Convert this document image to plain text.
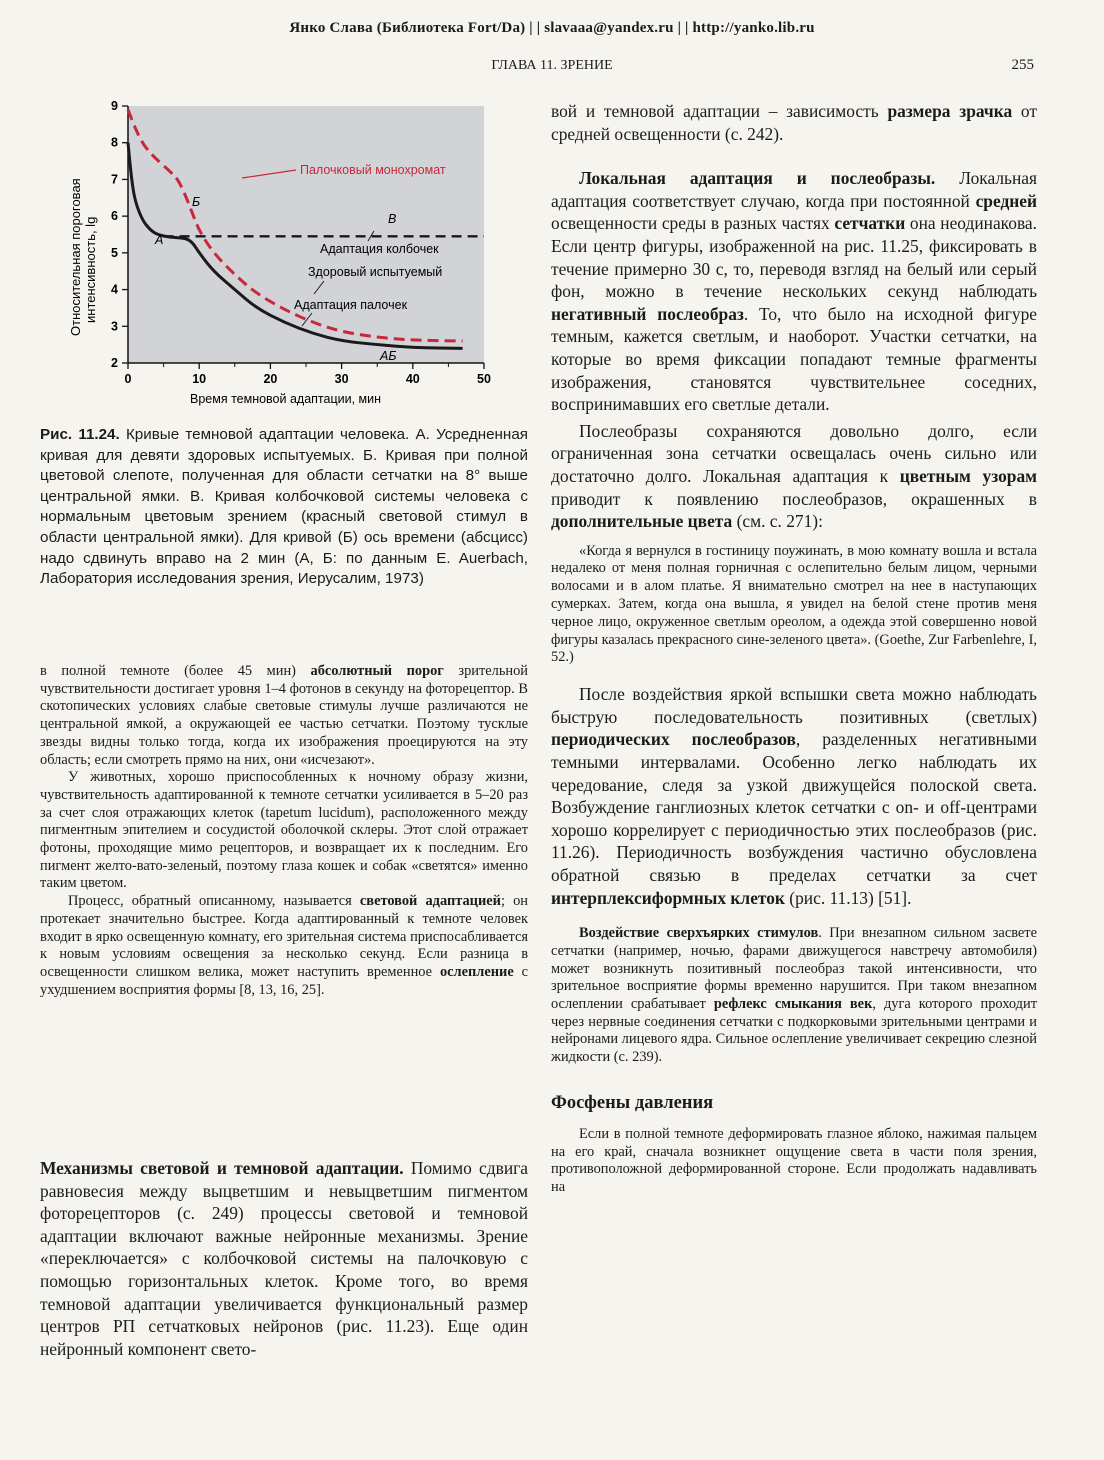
Янко Слава (Библиотека Fort/Da) | | slavaaa@yandex.ru | | http://yanko.lib.ru
ГЛАВА 11. ЗРЕНИЕ	255
0	10	20	30	40	50
2
3
4
5
6
7
8
9
Относительная пороговая интенсивность, lg
Время темновой адаптации, мин
Палочковый монохромат
Б
В
А
Адаптация колбочек
Здоровый испытуемый
Адаптация палочек
АБ
Рис. 11.24. Кривые темновой адаптации человека. А. Усредненная кривая для девяти здоровых испытуемых. Б. Кривая при полной цветовой слепоте, полученная для области сетчатки на 8° выше центральной ямки. В. Кривая колбочковой системы человека с нормальным цветовым зрением (красный световой стимул в области центральной ямки). Для кривой (Б) ось времени (абсцисс) надо сдвинуть вправо на 2 мин (А, Б: по данным E. Auerbach, Лаборатория исследования зрения, Иерусалим, 1973)

в полной темноте (более 45 мин) абсолютный порог зрительной чувствительности достигает уровня 1–4 фотонов в секунду на фоторецептор. В скотопических условиях слабые световые стимулы лучше различаются не центральной ямкой, а окружающей ее частью сетчатки. Поэтому тусклые звезды видны только тогда, когда их изображения проецируются на эту область; если смотреть прямо на них, они «исчезают».

У животных, хорошо приспособленных к ночному образу жизни, чувствительность адаптированной к темноте сетчатки усиливается в 5–20 раз за счет слоя отражающих клеток (tapetum lucidum), расположенного между пигментным эпителием и сосудистой оболочкой склеры. Этот слой отражает фотоны, проходящие мимо рецепторов, и возвращает их к последним. Его пигмент желто-вато-зеленый, поэтому глаза кошек и собак «светятся» именно таким цветом.

Процесс, обратный описанному, называется световой адаптацией; он протекает значительно быстрее. Когда адаптированный к темноте человек входит в ярко освещенную комнату, его зрительная система приспосабливается к новым условиям освещения за несколько секунд. Если разница в освещенности слишком велика, может наступить временное ослепление с ухудшением восприятия формы [8, 13, 16, 25].

Механизмы световой и темновой адаптации. Помимо сдвига равновесия между выцветшим и невыцветшим пигментом фоторецепторов (с. 249) процессы световой и темновой адаптации включают важные нейронные механизмы. Зрение «переключается» с колбочковой системы на палочковую с помощью горизонтальных клеток. Кроме того, во время темновой адаптации увеличивается функциональный размер центров РП сетчатковых нейронов (рис. 11.23). Еще один нейронный компонент свето-

вой и темновой адаптации – зависимость размера зрачка от средней освещенности (с. 242).

Локальная адаптация и послеобразы. Локальная адаптация соответствует случаю, когда при постоянной средней освещенности среды в разных частях сетчатки она неодинакова. Если центр фигуры, изображенной на рис. 11.25, фиксировать в течение примерно 30 с, то, переводя взгляд на белый или серый фон, можно в течение нескольких секунд наблюдать негативный послеобраз. То, что было на исходной фигуре темным, кажется светлым, и наоборот. Участки сетчатки, на которые во время фиксации попадают темные фрагменты изображения, становятся чувствительнее соседних, воспринимавших его светлые детали.

Послеобразы сохраняются довольно долго, если ограниченная зона сетчатки освещалась очень сильно или достаточно долго. Локальная адаптация к цветным узорам приводит к появлению послеобразов, окрашенных в дополнительные цвета (см. с. 271):

«Когда я вернулся в гостиницу поужинать, в мою комнату вошла и встала недалеко от меня полная горничная с ослепительно белым лицом, черными волосами и в алом платье. Я внимательно смотрел на нее в наступающих сумерках. Затем, когда она вышла, я увидел на белой стене против меня черное лицо, окруженное светлым ореолом, а одежда этой совершенно новой фигуры казалась прекрасного сине-зеленого цвета». (Goethe, Zur Farbenlehre, I, 52.)

После воздействия яркой вспышки света можно наблюдать быструю последовательность позитивных (светлых) периодических послеобразов, разделенных негативными темными интервалами. Особенно легко наблюдать их чередование, следя за узкой движущейся полоской света. Возбуждение ганглиозных клеток сетчатки с on- и off-центрами хорошо коррелирует с периодичностью этих послеобразов (рис. 11.26). Периодичность возбуждения частично обусловлена обратной связью в пределах сетчатки за счет интерплексиформных клеток (рис. 11.13) [51].

Воздействие сверхъярких стимулов. При внезапном сильном засвете сетчатки (например, ночью, фарами движущегося навстречу автомобиля) может возникнуть позитивный послеобраз такой интенсивности, что зрительное восприятие формы временно нарушится. При таком внезапном ослеплении срабатывает рефлекс смыкания век, дуга которого проходит через нервные соединения сетчатки с подкорковыми зрительными центрами и нейронами лицевого ядра. Сильное ослепление увеличивает секрецию слезной жидкости (с. 239).

Фосфены давления

Если в полной темноте деформировать глазное яблоко, нажимая пальцем на его край, сначала возникнет ощущение света в части поля зрения, противоположной деформированной стороне. Если продолжать надавливать на
